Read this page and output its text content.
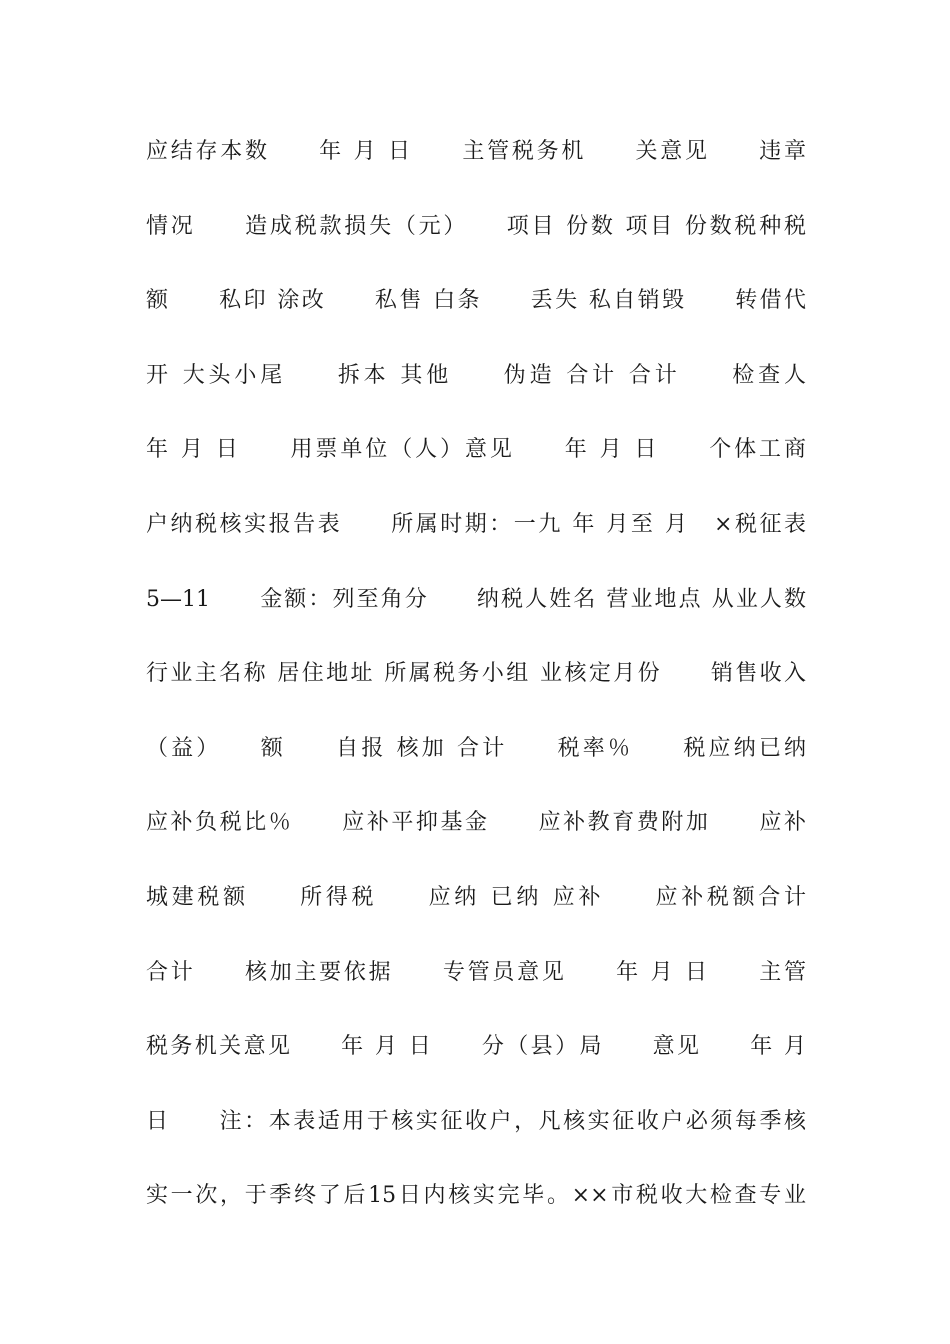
应结存本数　　年 月 日　　主管税务机　　关意见　　违章
情况　　造成税款损失（元）　　项目 份数 项目 份数税种税
额　　私印 涂改　　私售 白条　　丢失 私自销毁　　转借代
开 大头小尾　　拆本 其他　　伪造 合计 合计　　检查人
年 月 日　　用票单位（人）意见　　年 月 日　　个体工商
户纳税核实报告表　　所属时期：一九 年 月至 月　×税征表
5—11　　金额：列至角分　　纳税人姓名 营业地点 从业人数
行业主名称 居住地址 所属税务小组 业核定月份　　销售收入
（益）　　额　　自报 核加 合计　　税率％　　税应纳已纳
应补负税比％　　应补平抑基金　　应补教育费附加　　应补
城建税额　　所得税　　应纳 已纳 应补　　应补税额合计
合计　　核加主要依据　　专管员意见　　年 月 日　　主管
税务机关意见　　年 月 日　　分（县）局　　意见　　年 月
日　　注：本表适用于核实征收户，凡核实征收户必须每季核
实一次，于季终了后15日内核实完毕。××市税收大检查专业
